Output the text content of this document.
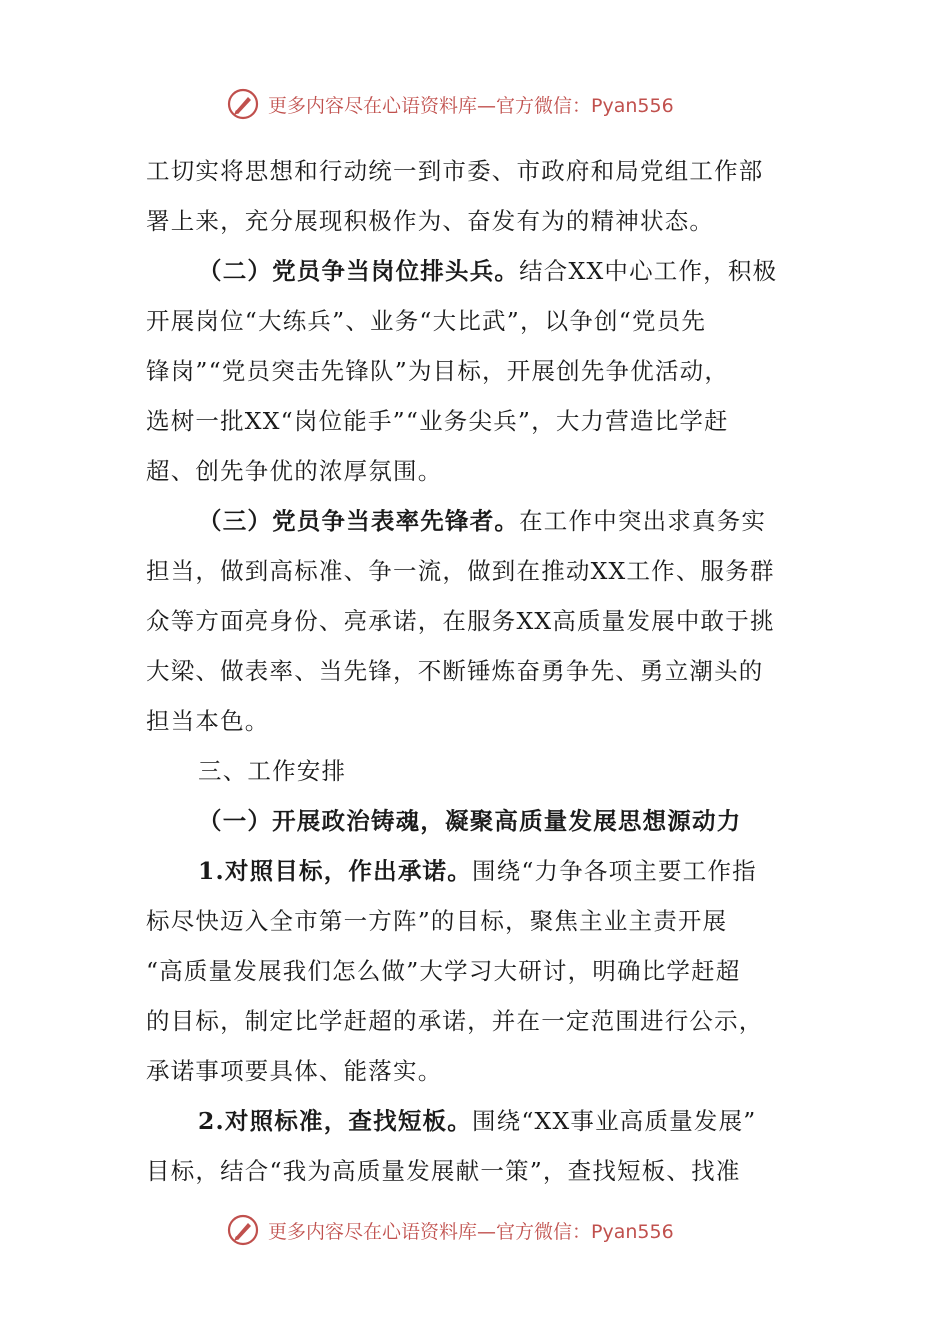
更多内容尽在心语资料库—官方微信：Pyan556
工切实将思想和行动统一到市委、市政府和局党组工作部
署上来，充分展现积极作为、奋发有为的精神状态。
（二）党员争当岗位排头兵。结合XX中心工作，积极
开展岗位“大练兵”、业务“大比武”，以争创“党员先
锋岗”“党员突击先锋队”为目标，开展创先争优活动，
选树一批XX“岗位能手”“业务尖兵”，大力营造比学赶
超、创先争优的浓厚氛围。
（三）党员争当表率先锋者。在工作中突出求真务实
担当，做到高标准、争一流，做到在推动XX工作、服务群
众等方面亮身份、亮承诺，在服务XX高质量发展中敢于挑
大梁、做表率、当先锋，不断锤炼奋勇争先、勇立潮头的
担当本色。
三、工作安排
（一）开展政治铸魂，凝聚高质量发展思想源动力
1.对照目标，作出承诺。围绕“力争各项主要工作指
标尽快迈入全市第一方阵”的目标，聚焦主业主责开展
“高质量发展我们怎么做”大学习大研讨，明确比学赶超
的目标，制定比学赶超的承诺，并在一定范围进行公示，
承诺事项要具体、能落实。
2.对照标准，查找短板。围绕“XX事业高质量发展”
目标，结合“我为高质量发展献一策”，查找短板、找准
更多内容尽在心语资料库—官方微信：Pyan556
